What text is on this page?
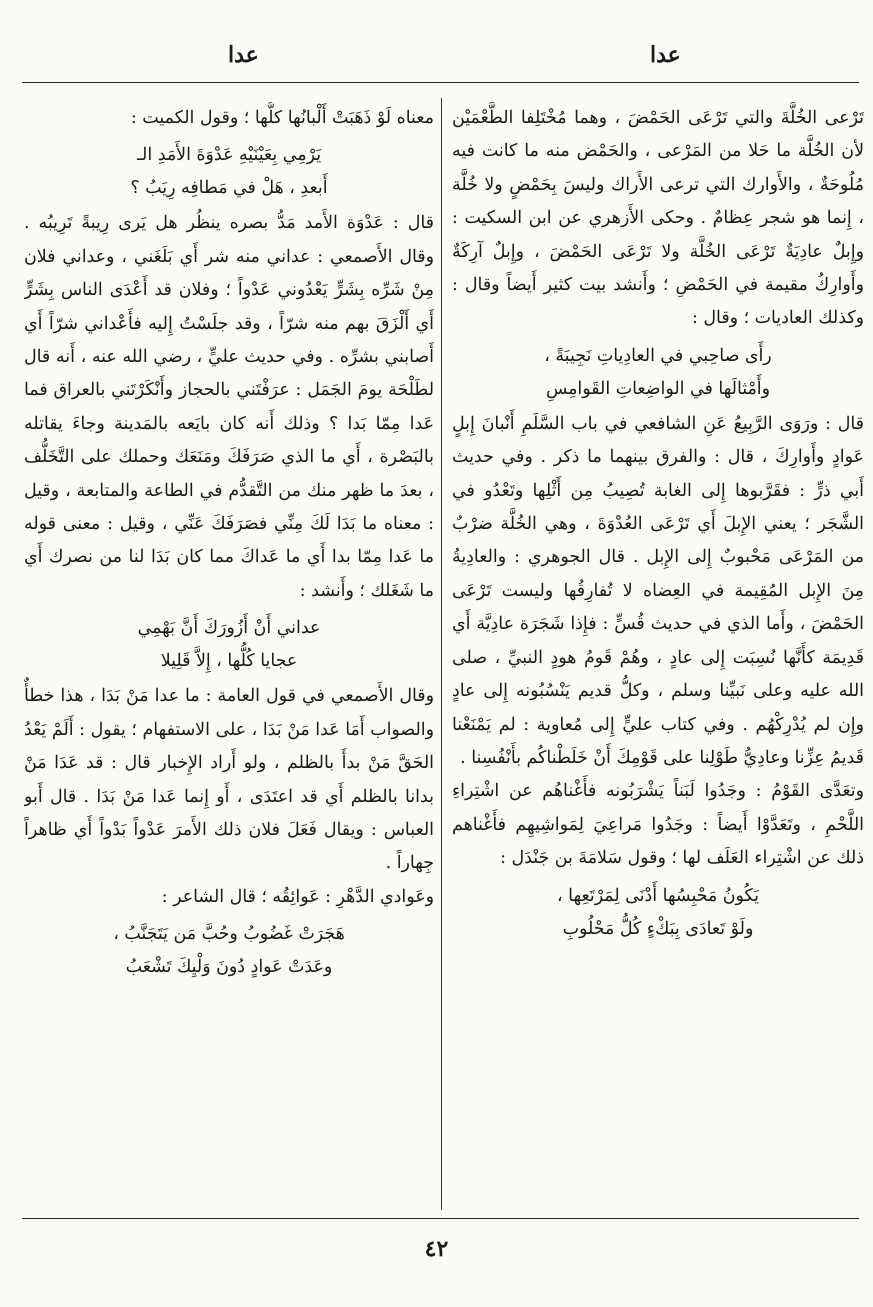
عدا
عدا

تَرْعى الخُلَّةَ والتي تَرْعَى الحَمْضَ ، وهما مُخْتَلِفا الطَّعْمَيْن لأن الخُلَّة ما حَلا من المَرْعى ، والحَمْض منه ما كانت فيه مُلُوحَةٌ ، والأَوارك التي ترعى الأَراك وليسَ بِحَمْضٍ ولا خُلَّة ، إِنما هو شجر عِظامٌ . وحكى الأَزهري عن ابن السكيت : وإِبلٌ عادِيَةٌ تَرْعَى الخُلَّة ولا تَرْعَى الحَمْضَ ، وإِبلٌ آرِكَةٌ وأَوارِكُ مقيمة في الحَمْضِ ؛ وأَنشد بيت كثير أَيضاً وقال : وكذلك العاديات ؛ وقال :

رأَى صاحِبي في العادِياتِ نَجِيبَةً ،
وأَمْثالَها في الواضِعاتِ القَوامِسِ

قال : ورَوَى الرَّبِيعُ عَنِ الشافعي في باب السَّلَمِ أَنْبانَ إِبلٍ عَوادٍ وأَوارِكَ ، قال : والفرق بينهما ما ذكر . وفي حديث أَبي ذرٍّ : فقَرَّبوها إِلى الغابة تُصِيبُ مِن أَثْلِها وتَعْدُو في الشَّجَر ؛ يعني الإِبلَ أَي تَرْعَى العُدْوَةَ ، وهي الخُلَّة ضرْبٌ من المَرْعَى مَحْبوبٌ إِلى الإِبل . قال الجوهري : والعادِيةُ مِنَ الإِبل المُقِيمة في العِضاه لا تُفارِقُها وليست تَرْعَى الحَمْضَ ، وأَما الذي في حديث قُسٍّ : فإِذا شَجَرَة عادِيَّة أَي قَدِيمَة كأَنَّها نُسِبَت إِلى عادٍ ، وهُمْ قَومُ هودٍ النبيِّ ، صلى الله عليه وعلى نَبيِّنا وسلم ، وكلُّ قديم يَنْسُبُونه إِلى عادٍ وإِن لم يُدْرِكْهُم . وفي كتاب عليٍّ إِلى مُعاوية : لم يَمْنَعْنا قَديمُ عِزِّنا وعادِيُّ طَوْلِنا على قَوْمِكَ أَنْ خَلَطْناكُم بأَنْفُسِنا .

وتعَدَّى القَوْمُ : وجَدُوا لَبَناً يَشْرَبُونه فأَغْناهُم عن اشْتِراءِ اللَّحْمِ ، وتَعَدَّوْا أَيضاً : وجَدُوا مَراعِيَ لِمَواشِيهِم فأَغْناهم ذلك عن اشْتِراء العَلَف لها ؛ وقول سَلامَةَ بن جَنْدَل :

يَكُونُ مَحْبِسُها أَدْنَى لِمَرْتَعِها ،
ولَوْ تَعادَى بِبَكْءٍ كُلُّ مَحْلُوبِ

معناه لَوْ ذَهَبَتْ أَلْبانُها كلُّها ؛ وقول الكميت :

يَرْمِي بِعَيْنَيْهِ عَدْوَةَ الأَمَدِ الـ
أَبعدِ ، هَلْ في مَطافِه رِيَبُ ؟

قال : عَدْوَة الأَمد مَدُّ بصره ينظُر هل يَرى رِيبةً تَرِيبُه . وقال الأَصمعي : عداني منه شر أَي بَلَغَني ، وعداني فلان مِنْ شَرِّه بِشَرٍّ يَعْدُوني عَدْواً ؛ وفلان قد أَعْدَى الناس بِشَرٍّ أَي أَلْزَقَ بهم منه شرّاً ، وقد جلَسْتُ إِليه فأَعْداني شرّاً أَي أَصابني بشرِّه . وفي حديث عليٍّ ، رضي الله عنه ، أَنه قال لطَلْحَة يومَ الجَمَل : عرَفْتَني بالحجاز وأَنْكَرْتَني بالعراق فما عَدا مِمّا بَدا ؟ وذلك أَنه كان بايَعه بالمَدينة وجاءَ يقاتله بالبَصْرة ، أَي ما الذي صَرَفَكَ ومَنَعَك وحملك على التَّخَلُّف ، بعدَ ما ظهر منك من التَّقدُّم في الطاعة والمتابعة ، وقيل : معناه ما بَدَا لَكَ مِنِّي فصَرَفَكَ عَنِّي ، وقيل : معنى قوله ما عَدا مِمّا بدا أَي ما عَداكَ مما كان بَدَا لنا من نصرك أَي ما شَغَلك ؛ وأَنشد :

عداني أَنْ أَزُورَكَ أَنَّ بَهْمِي
عجايا كُلُّها ، إِلاَّ قَلِيلا

وقال الأَصمعي في قول العامة : ما عدا مَنْ بَدَا ، هذا خطأٌ والصواب أَمَا عَدا مَنْ بَدَا ، على الاستفهام ؛ يقول : أَلَمْ يَعْدُ الحَقَّ مَنْ بدأَ بالظلم ، ولو أَراد الإِخبار قال : قد عَدَا مَنْ بدانا بالظلم أَي قد اعتَدَى ، أَو إِنما عَدا مَنْ بَدَا . قال أَبو العباس : ويقال فَعَلَ فلان ذلك الأَمرَ عَدْواً بَدْواً أَي ظاهراً جِهاراً .

وعَوادي الدَّهْرِ : عَوائِقُه ؛ قال الشاعر :

هَجَرَتْ غَضُوبُ وحُبَّ مَن يَتَجَنَّبُ ،
وعَدَتْ عَوادٍ دُونَ وَلْيِكَ تَشْعَبُ
٤٢
